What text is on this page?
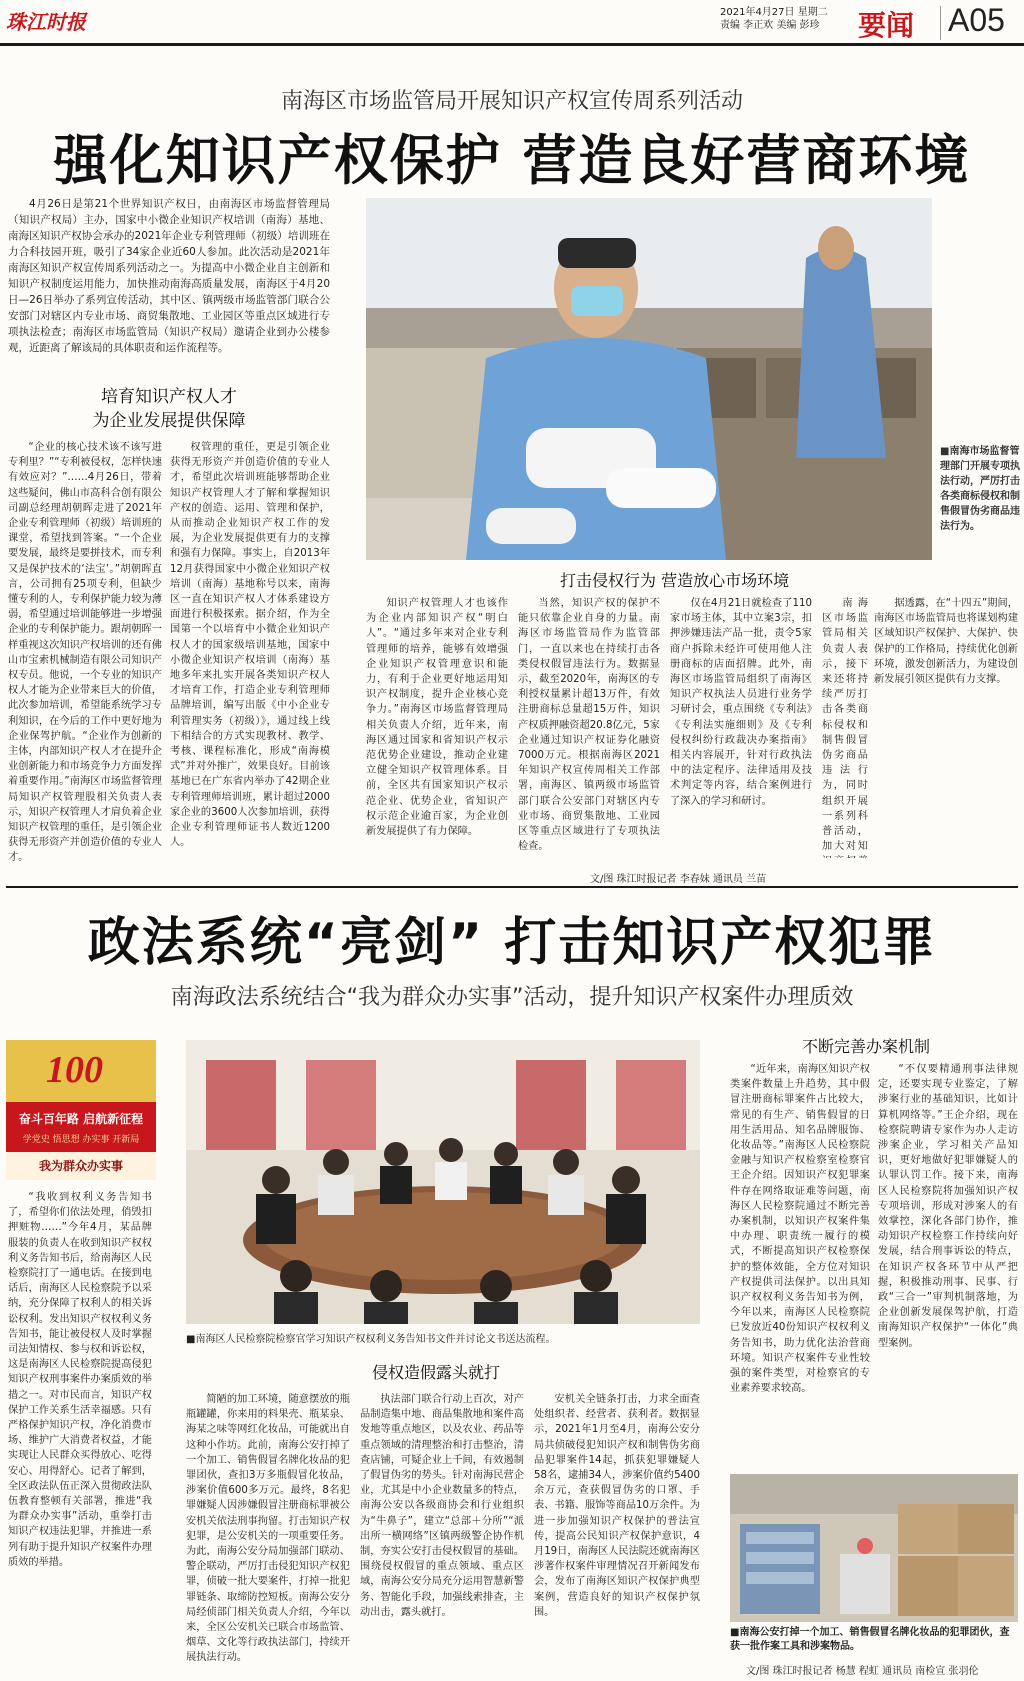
珠江时报	2021年4月27日 星期二
责编 李正欢 美编 彭珍 要闻 A05
南海区市场监管局开展知识产权宣传周系列活动
强化知识产权保护 营造良好营商环境

4月26日是第21个世界知识产权日，由南海区市场监督管理局（知识产权局）主办，国家中小微企业知识产权培训（南海）基地、南海区知识产权协会承办的2021年企业专利管理师（初级）培训班在力合科技园开班，吸引了34家企业近60人参加。此次活动是2021年南海区知识产权宣传周系列活动之一。为提高中小微企业自主创新和知识产权制度运用能力，加快推动南海高质量发展，南海区于4月20日—26日举办了系列宣传活动，其中区、镇两级市场监管部门联合公安部门对辖区内专业市场、商贸集散地、工业园区等重点区域进行专项执法检查；南海区市场监管局（知识产权局）邀请企业到办公楼参观，近距离了解该局的具体职责和运作流程等。

培育知识产权人才
为企业发展提供保障

“企业的核心技术该不该写进专利里？”“专利被侵权，怎样快速有效应对？”……4月26日，带着这些疑问，佛山市高科合创有限公司副总经理胡朝晖走进了2021年企业专利管理师（初级）培训班的课堂，希望找到答案。“一个企业要发展，最终是要拼技术，而专利又是保护技术的‘法宝’。”胡朝晖直言，公司拥有25项专利，但缺少懂专利的人，专利保护能力较为薄弱，希望通过培训能够进一步增强企业的专利保护能力。跟胡朝晖一样重视这次知识产权培训的还有佛山市宝索机械制造有限公司知识产权专员。他说，一个专业的知识产权人才能为企业带来巨大的价值，此次参加培训，希望能系统学习专利知识，在今后的工作中更好地为企业保驾护航。“企业作为创新的主体，内部知识产权人才在提升企业创新能力和市场竞争力方面发挥着重要作用。”南海区市场监督管理局知识产权管理股相关负责人表示，知识产权管理人才肩负着企业知识产权管理的重任，是引领企业获得无形资产并创造价值的专业人才。

权管理的重任，更是引领企业获得无形资产并创造价值的专业人才，希望此次培训班能够帮助企业知识产权管理人才了解和掌握知识产权的创造、运用、管理和保护，从而推动企业知识产权工作的发展，为企业发展提供更有力的支撑和强有力保障。事实上，自2013年12月获得国家中小微企业知识产权培训（南海）基地称号以来，南海区一直在知识产权人才体系建设方面进行积极探索。据介绍，作为全国第一个以培育中小微企业知识产权人才的国家级培训基地，国家中小微企业知识产权培训（南海）基地多年来扎实开展各类知识产权人才培育工作，打造企业专利管理师品牌培训，编写出版《中小企业专利管理实务（初级）》，通过线上线下相结合的方式实现教材、教学、考核、课程标准化，形成“南海模式”并对外推广，效果良好。目前该基地已在广东省内举办了42期企业专利管理师培训班，累计超过2000家企业的3600人次参加培训，获得企业专利管理师证书人数近1200人。

■南海市场监督管理部门开展专项执法行动，严厉打击各类商标侵权和制售假冒伪劣商品违法行为。
打击侵权行为 营造放心市场环境

知识产权管理人才也该作为企业内部知识产权“明白人”。“通过多年来对企业专利管理师的培养，能够有效增强企业知识产权管理意识和能力，有利于企业更好地运用知识产权制度，提升企业核心竞争力。”南海区市场监督管理局相关负责人介绍，近年来，南海区通过国家和省知识产权示范优势企业建设，推动企业建立健全知识产权管理体系。目前，全区共有国家知识产权示范企业、优势企业，省知识产权示范企业逾百家，为企业创新发展提供了有力保障。

当然，知识产权的保护不能只依靠企业自身的力量。南海区市场监管局作为监管部门，一直以来也在持续打击各类侵权假冒违法行为。数据显示，截至2020年，南海区的专利授权量累计超13万件，有效注册商标总量超15万件，知识产权质押融资超20.8亿元，5家企业通过知识产权证券化融资7000万元。根据南海区2021年知识产权宣传周相关工作部署，南海区、镇两级市场监管部门联合公安部门对辖区内专业市场、商贸集散地、工业园区等重点区域进行了专项执法检查。

仅在4月21日就检查了110家市场主体，其中立案3宗，扣押涉嫌违法产品一批，责令5家商户拆除未经许可使用他人注册商标的店面招牌。此外，南海区市场监管局组织了南海区知识产权执法人员进行业务学习研讨会，重点围绕《专利法》《专利法实施细则》及《专利侵权纠纷行政裁决办案指南》相关内容展开，针对行政执法中的法定程序、法律适用及技术判定等内容，结合案例进行了深入的学习和研讨。

南海区市场监管局相关负责人表示，接下来还将持续严厉打击各类商标侵权和制售假冒伪劣商品违法行为，同时组织开展一系列科普活动，加大对知

据透露，在“十四五”期间，南海区市场监管局也将谋划构建区域知识产权保护、大保护、快保护的工作格局，持续优化创新环境，激发创新活力，为建设创新发展引领区提供有力支撑。

文/图 珠江时报记者 李春妹 通讯员 兰苗
政法系统“亮剑” 打击知识产权犯罪
南海政法系统结合“我为群众办实事”活动，提升知识产权案件办理质效
100
奋斗百年路 启航新征程
学党史 悟思想 办实事 开新局
我为群众办实事

“我收到权利义务告知书了，希望你们依法处理，俏毁扣押赃物……”今年4月，某品牌服装的负责人在收到知识产权权利义务告知书后，给南海区人民检察院打了一通电话。在接到电话后，南海区人民检察院予以采纳，充分保障了权利人的相关诉讼权利。发出知识产权权利义务告知书，能让被侵权人及时掌握司法知情权、参与权和诉讼权，这是南海区人民检察院提高侵犯知识产权刑事案件办案质效的举措之一。对市民而言，知识产权保护工作关系生活幸福感。只有严格保护知识产权，净化消费市场、维护广大消费者权益，才能实现让人民群众买得放心、吃得安心、用得舒心。记者了解到，全区政法队伍正深入贯彻政法队伍教育整顿有关部署，推进“我为群众办实事”活动，重拳打击知识产权违法犯罪，并推进一系列有助于提升知识产权案件办理质效的举措。

■南海区人民检察院检察官学习知识产权权利义务告知书文件并讨论文书送达流程。
侵权造假露头就打

简陋的加工环境，随意摆放的瓶瓶罐罐，你来用的料果壳、瓶某泉、海某之味等网红化妆品，可能就出自这种小作坊。此前，南海公安打掉了一个加工、销售假冒名牌化妆品的犯罪团伙，查扣3万多瓶假冒化妆品，涉案价值600多万元。最终，8名犯罪嫌疑人因涉嫌假冒注册商标罪被公安机关依法刑事拘留。打击知识产权犯罪，是公安机关的一项重要任务。为此，南海公安分局加强部门联动、警企联动，严厉打击侵犯知识产权犯罪，侦破一批大要案件，打掉一批犯罪链条、取缔防控短板。南海公安分局经侦部门相关负责人介绍，今年以来，全区公安机关已联合市场监管、烟草、文化等行政执法部门，持续开展执法行动。

执法部门联合行动上百次，对产品制造集中地、商品集散地和案件高发地等重点地区，以及农业、药品等重点领域的清理整治和打击整治，清查店铺，可疑企业上千间，有效遏制了假冒伪劣的势头。针对南海民营企业，尤其是中小企业数量多的特点，南海公安以各级商协会和行业组织为“牛鼻子”，建立“总部＋分所”“派出所一横网络”区镇两级警企协作机制，夯实公安打击侵权假冒的基础。围绕侵权假冒的重点领域、重点区域，南海公安分局充分运用智慧新警务、智能化手段，加强线索排查，主动出击，露头就打。

安机关全链条打击，力求全面查处组织者、经营者、获利者。数据显示，2021年1月至4月，南海公安分局共侦破侵犯知识产权和制售伪劣商品犯罪案件14起，抓获犯罪嫌疑人58名，逮捕34人，涉案价值约5400余万元，查获假冒伪劣的口罩、手表、书籍、服饰等商品10万余件。为进一步加强知识产权保护的普法宣传，提高公民知识产权保护意识，4月19日，南海区人民法院还就南海区涉著作权案件审理情况召开新闻发布会，发布了南海区知识产权保护典型案例，营造良好的知识产权保护氛围。

不断完善办案机制

“近年来，南海区知识产权类案件数量上升趋势，其中假冒注册商标罪案件占比较大，常见的有生产、销售假冒的日用生活用品、知名品牌服饰、化妆品等。”南海区人民检察院金融与知识产权检察室检察官王企介绍。因知识产权犯罪案件存在网络取证难等问题，南海区人民检察院通过不断完善办案机制，以知识产权案件集中办理、职责统一履行的模式，不断提高知识产权检察保护的整体效能，全方位对知识产权提供司法保护。以出具知识产权权利义务告知书为例，今年以来，南海区人民检察院已发放近40份知识产权权利义务告知书，助力优化法治营商环境。知识产权案件专业性较强的案件类型，对检察官的专业素养要求较高。

“不仅要精通刑事法律规定，还要实现专业鉴定，了解涉案行业的基础知识，比如计算机网络等。”王企介绍，现在检察院聘请专家作为办人走访涉案企业，学习相关产品知识，更好地做好犯罪嫌疑人的认罪认罚工作。接下来，南海区人民检察院将加强知识产权专项培训，形成对涉案人的有效掌控，深化各部门协作，推动知识产权检察工作持续向好发展，结合刑事诉讼的特点，在知识产权各环节中从严把握，积极推动刑事、民事、行政“三合一”审判机制落地，为企业创新发展保驾护航，打造南海知识产权保护“一体化”典型案例。

■南海公安打掉一个加工、销售假冒名牌化妆品的犯罪团伙，查获一批作案工具和涉案物品。
文/图 珠江时报记者 杨慧 程虹 通讯员 南检宣 张羽伦
